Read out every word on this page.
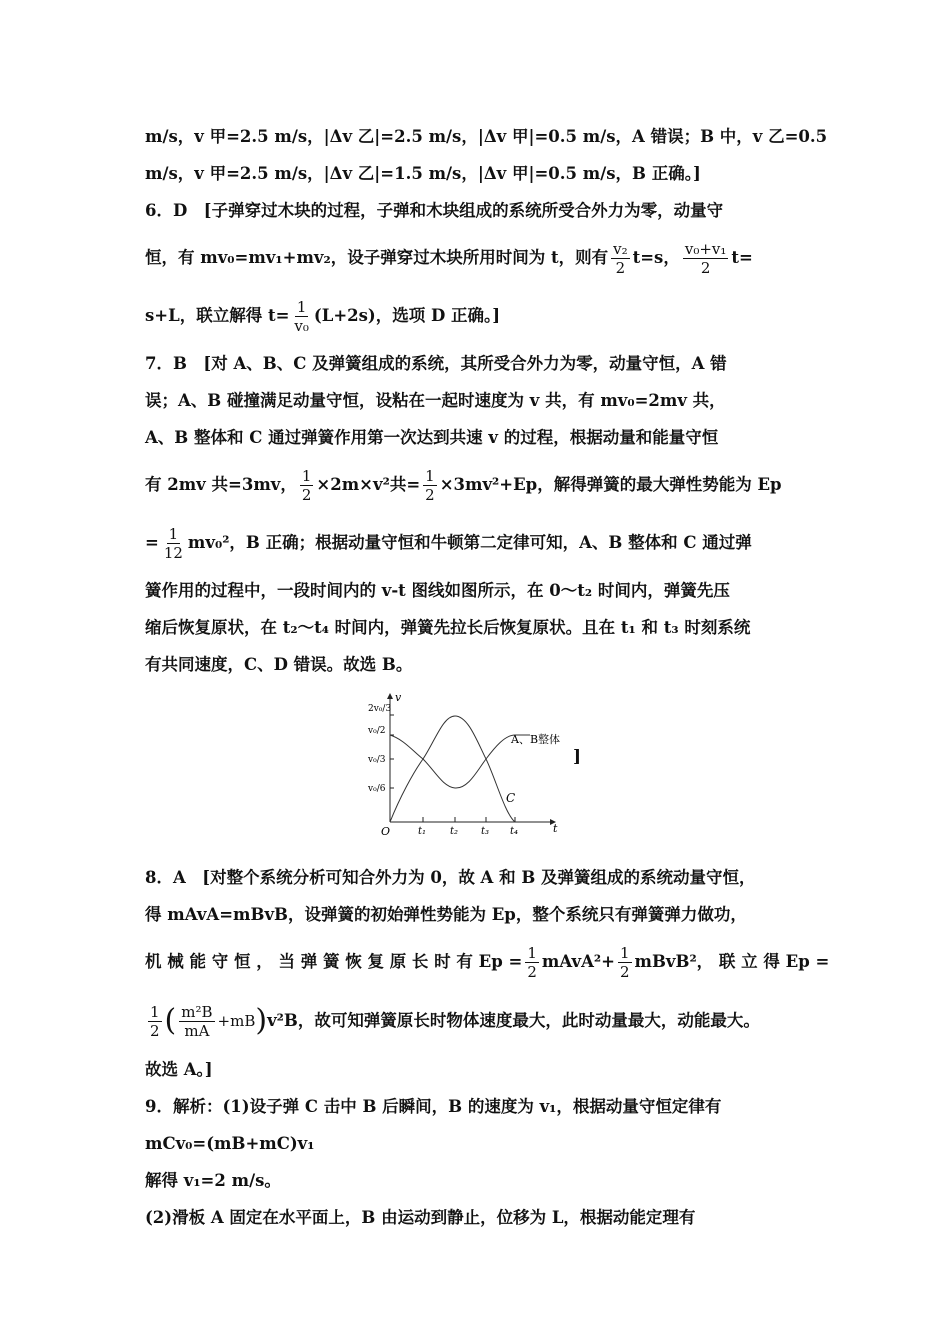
m/s，v 甲=2.5 m/s，|Δv 乙|=2.5 m/s，|Δv 甲|=0.5 m/s，A 错误；B 中，v 乙=0.5

m/s，v 甲=2.5 m/s，|Δv 乙|=1.5 m/s，|Δv 甲|=0.5 m/s，B 正确。]

6．D　[子弹穿过木块的过程，子弹和木块组成的系统所受合外力为零，动量守

恒，有 mv₀=mv₁+mv₂，设子弹穿过木块所用时间为 t，则有 $\frac{\text{v₂}}{2} t=s$， $\frac{\text{v₀+v₁}}{2} t=$

s+L，联立解得 $t= \frac{1}{\text{v₀}} (L+2s)$，选项 D 正确。]

7．B　[对 A、B、C 及弹簧组成的系统，其所受合外力为零，动量守恒，A 错

误；A、B 碰撞满足动量守恒，设粘在一起时速度为 v 共，有 mv₀=2mv 共，

A、B 整体和 C 通过弹簧作用第一次达到共速 v 的过程，根据动量和能量守恒

有 2mv 共=3mv， $\frac{1}{2} \times 2m\times v^2$共= $\frac{1}{2} \times 3mv^2+Ep$，解得弹簧的最大弹性势能为 Ep

= $\frac{1}{12} mv_0^2$，B 正确；根据动量守恒和牛顿第二定律可知，A、B 整体和 C 通过弹

簧作用的过程中，一段时间内的 v-t 图线如图所示，在 0～t₂ 时间内，弹簧先压

缩后恢复原状，在 t₂～t₄ 时间内，弹簧先拉长后恢复原状。且在 t₁ 和 t₃ 时刻系统

有共同速度，C、D 错误。故选 B。

v
t
O
2v₀/3
v₀/2
v₀/3
v₀/6
t₁ t₂ t₃ t₄
A、B整体
C
]

8．A　[对整个系统分析可知合外力为 0，故 A 和 B 及弹簧组成的系统动量守恒，

得 mAvA=mBvB，设弹簧的初始弹性势能为 Ep，整个系统只有弹簧弹力做功，

机 械 能 守 恒 ， 当 弹 簧 恢 复 原 长 时 有 $Ep = \frac{1}{2}$ mAvA²+ $\frac{1}{2}$ mBvB²， 联 立 得 Ep =

$\frac{1}{2}$ ( $\frac{\text{m²B}}{mA} +mB$ ) v²B，故可知弹簧原长时物体速度最大，此时动量最大，动能最大。

故选 A。]

9．解析：(1)设子弹 C 击中 B 后瞬间，B 的速度为 v₁，根据动量守恒定律有

mCv₀=(mB+mC)v₁

解得 v₁=2 m/s。

(2)滑板 A 固定在水平面上，B 由运动到静止，位移为 L，根据动能定理有
